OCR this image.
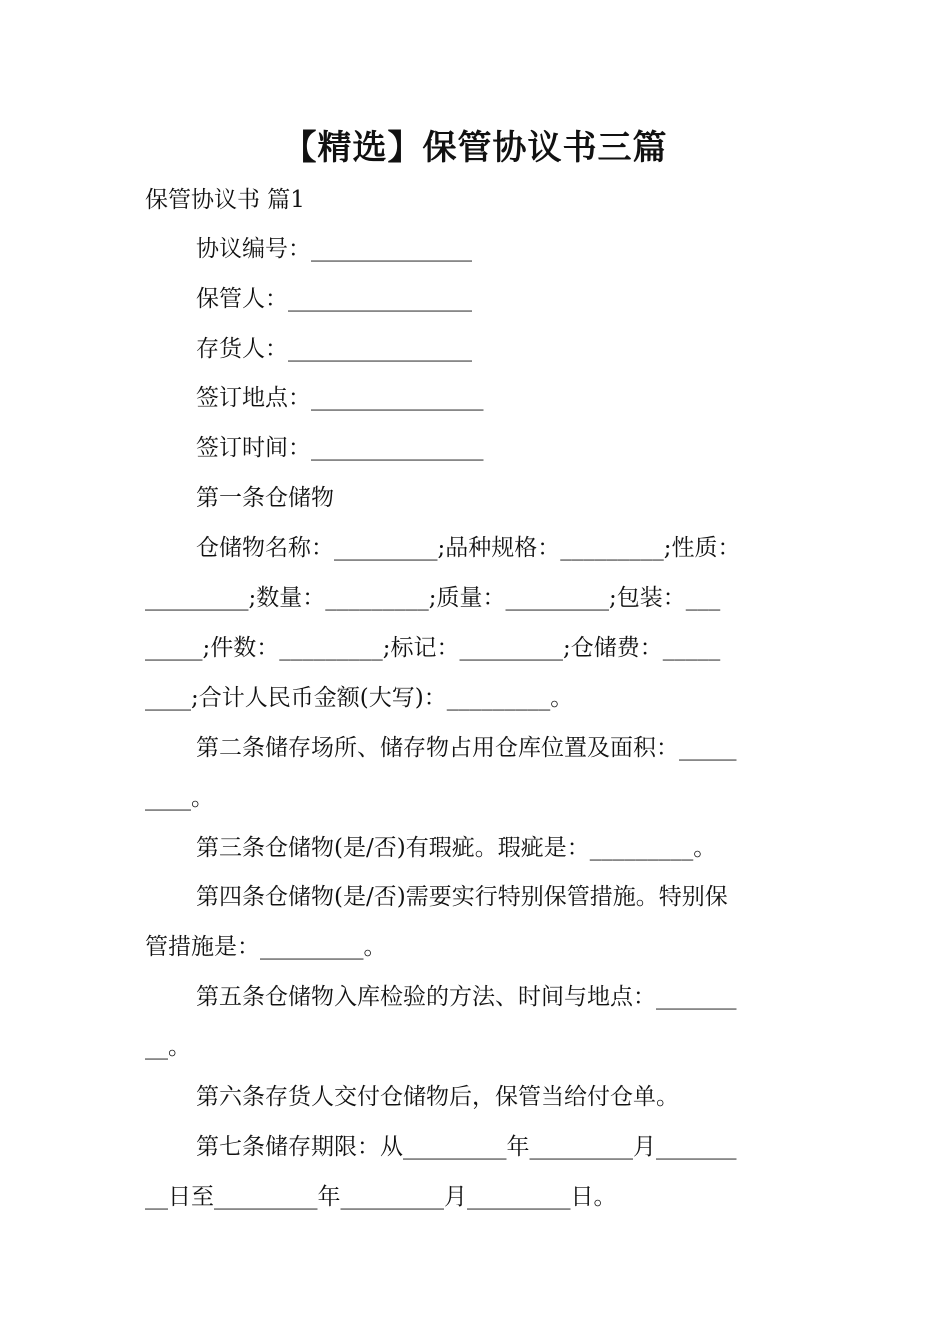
【精选】保管协议书三篇
保管协议书 篇1
协议编号：______________
保管人：________________
存货人：________________
签订地点：_______________
签订时间：_______________
第一条仓储物
仓储物名称：_________;品种规格：_________;性质：
_________;数量：_________;质量：_________;包装：___
_____;件数：_________;标记：_________;仓储费：_____
____;合计人民币金额(大写)：_________。
第二条储存场所、储存物占用仓库位置及面积：_____
____。
第三条仓储物(是/否)有瑕疵。瑕疵是：_________。
第四条仓储物(是/否)需要实行特别保管措施。特别保
管措施是：_________。
第五条仓储物入库检验的方法、时间与地点：_______
__。
第六条存货人交付仓储物后，保管当给付仓单。
第七条储存期限：从_________年_________月_______
__日至_________年_________月_________日。
